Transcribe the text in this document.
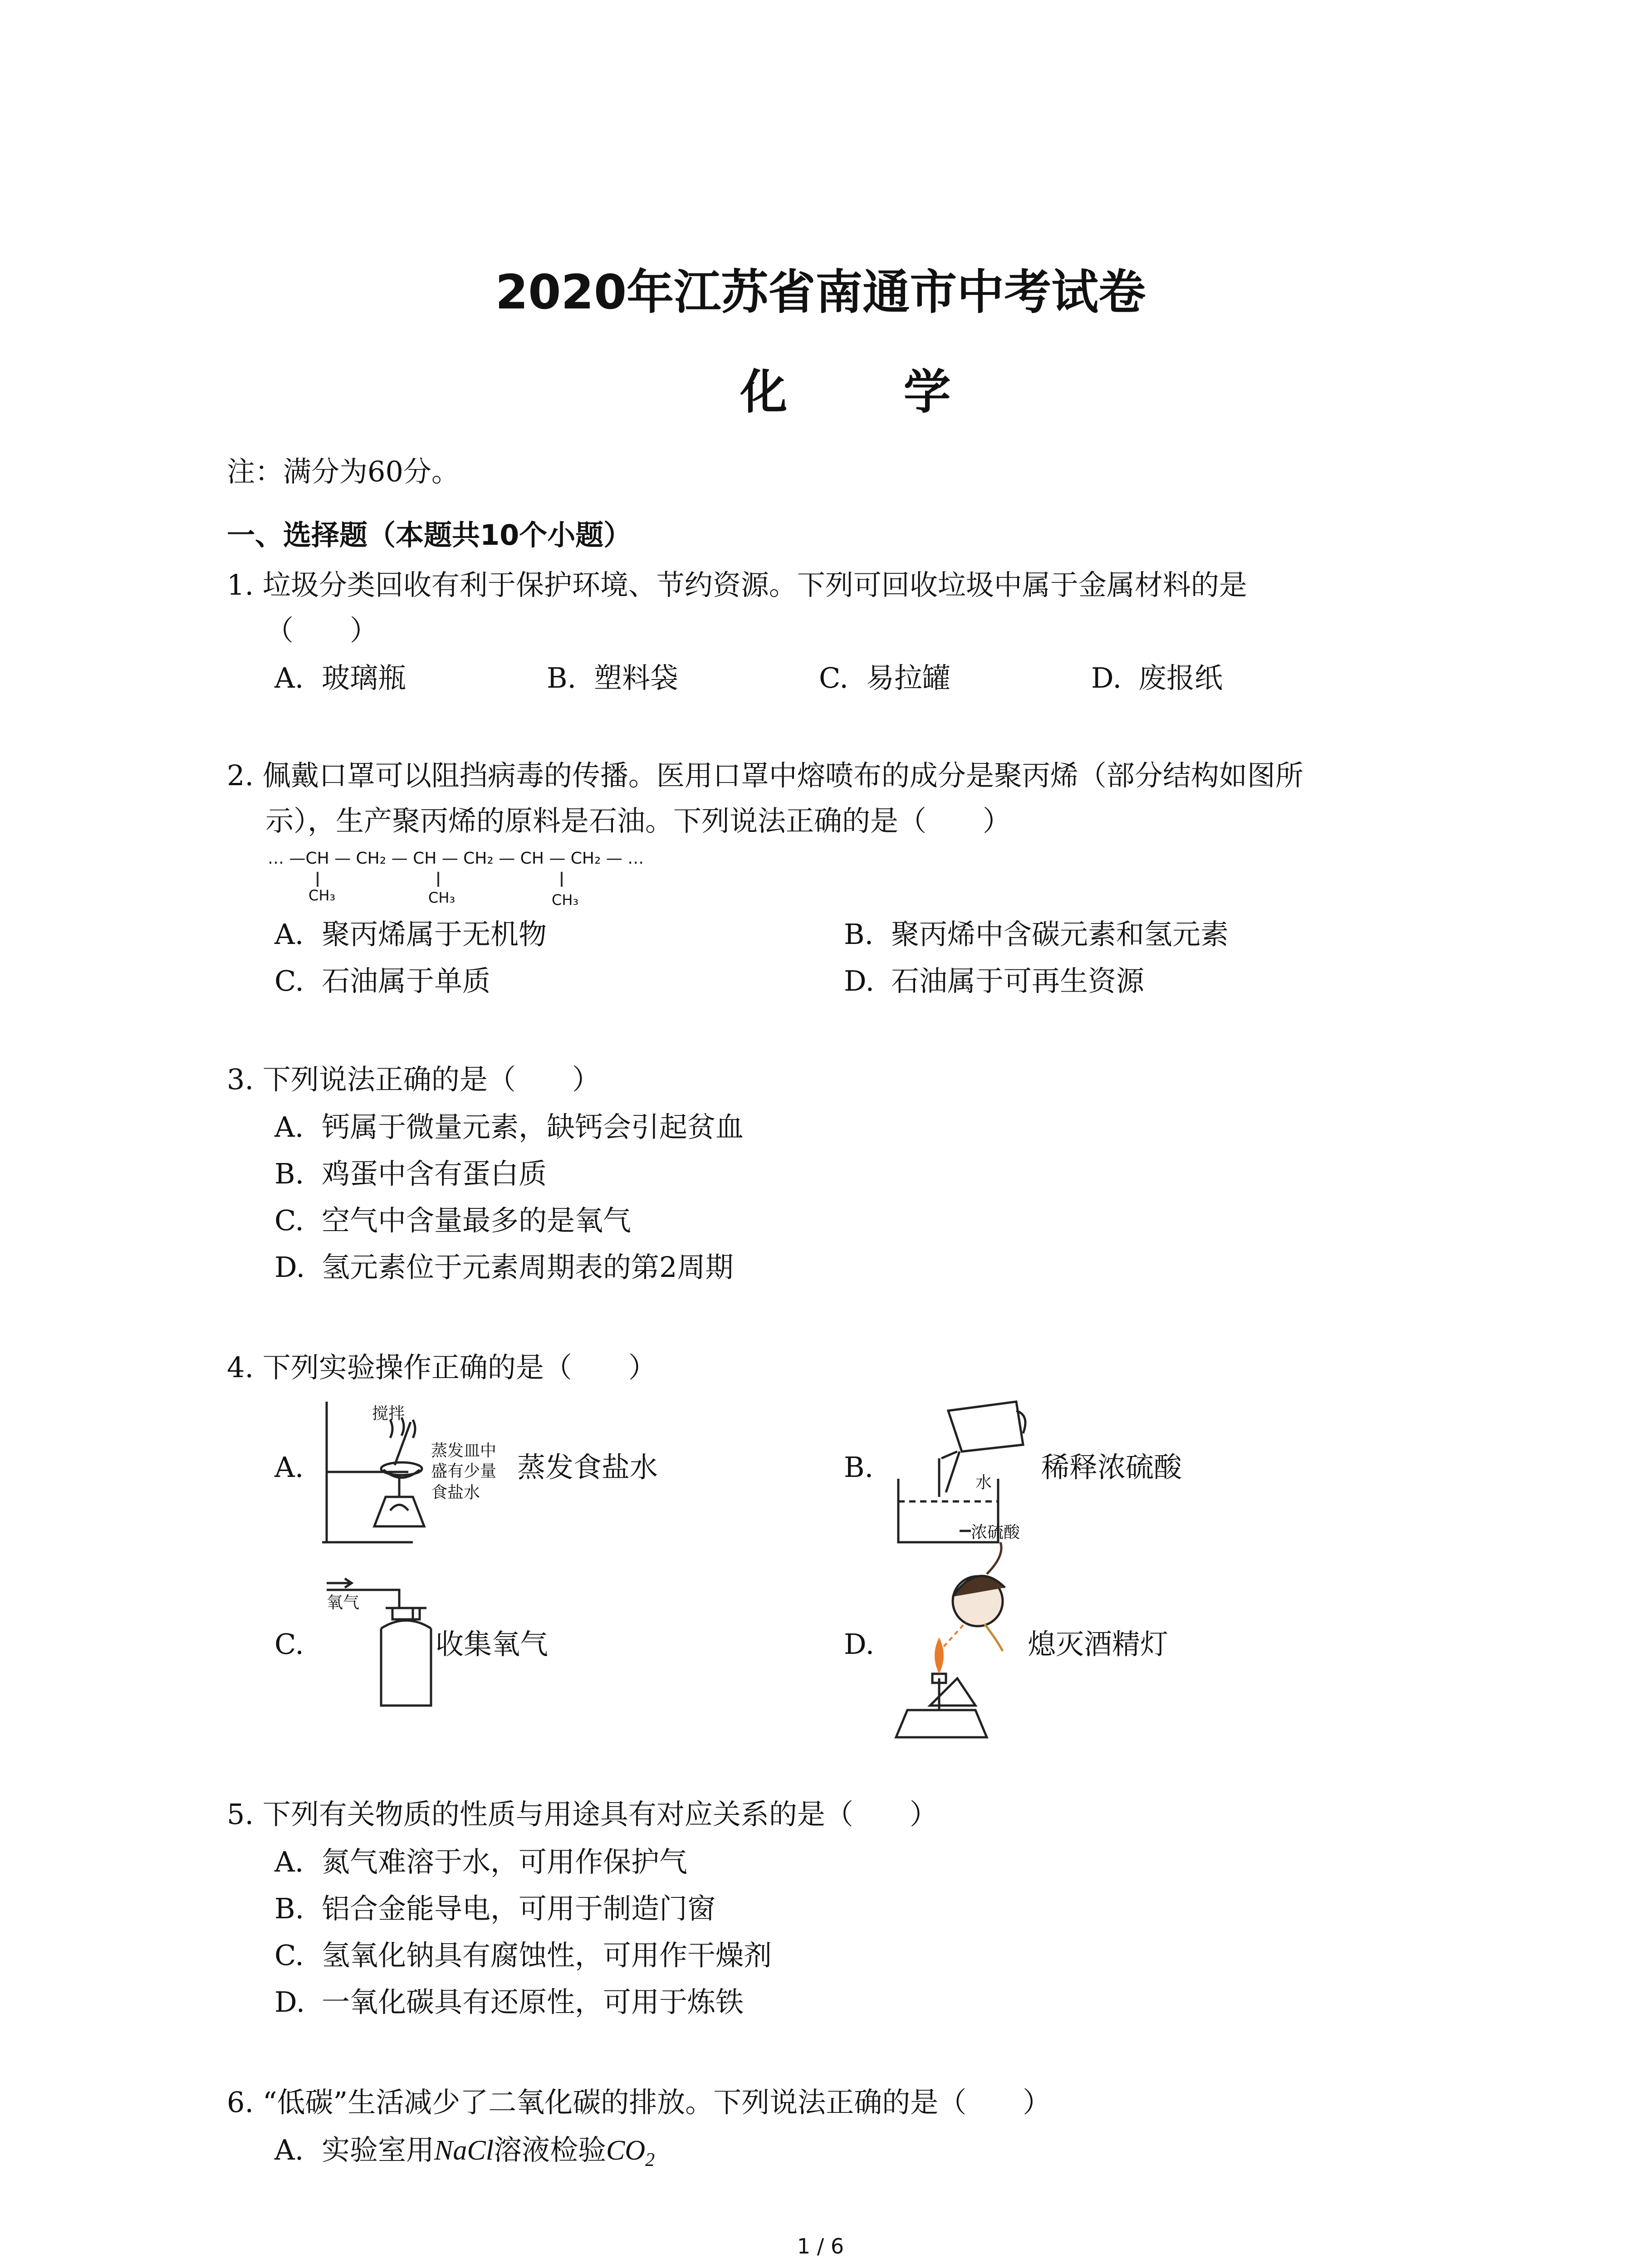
2020年江苏省南通市中考试卷
化 学
注：满分为60分。
一、选择题（本题共10个小题）
1. 垃圾分类回收有利于保护环境、节约资源。下列可回收垃圾中属于金属材料的是
（　　）
A. 玻璃瓶	B. 塑料袋	C. 易拉罐	D. 废报纸
2. 佩戴口罩可以阻挡病毒的传播。医用口罩中熔喷布的成分是聚丙烯（部分结构如图所
示），生产聚丙烯的原料是石油。下列说法正确的是（　　）
… —CH — CH₂ — CH — CH₂ — CH — CH₂ — …
CH₃	CH₃	CH₃
A. 聚丙烯属于无机物	B. 聚丙烯中含碳元素和氢元素
C. 石油属于单质	D. 石油属于可再生资源
3. 下列说法正确的是（　　）
A. 钙属于微量元素，缺钙会引起贫血
B. 鸡蛋中含有蛋白质
C. 空气中含量最多的是氧气
D. 氢元素位于元素周期表的第2周期
4. 下列实验操作正确的是（　　）
A.	蒸发食盐水	B.	稀释浓硫酸
C.	收集氧气	D.	熄灭酒精灯
搅拌
蒸发皿中
盛有少量
食盐水
水
浓硫酸
氧气
5. 下列有关物质的性质与用途具有对应关系的是（　　）
A. 氮气难溶于水，可用作保护气
B. 铝合金能导电，可用于制造门窗
C. 氢氧化钠具有腐蚀性，可用作干燥剂
D. 一氧化碳具有还原性，可用于炼铁
6. “低碳”生活减少了二氧化碳的排放。下列说法正确的是（　　）
A. 实验室用NaCl溶液检验$CO_2$
1 / 6
